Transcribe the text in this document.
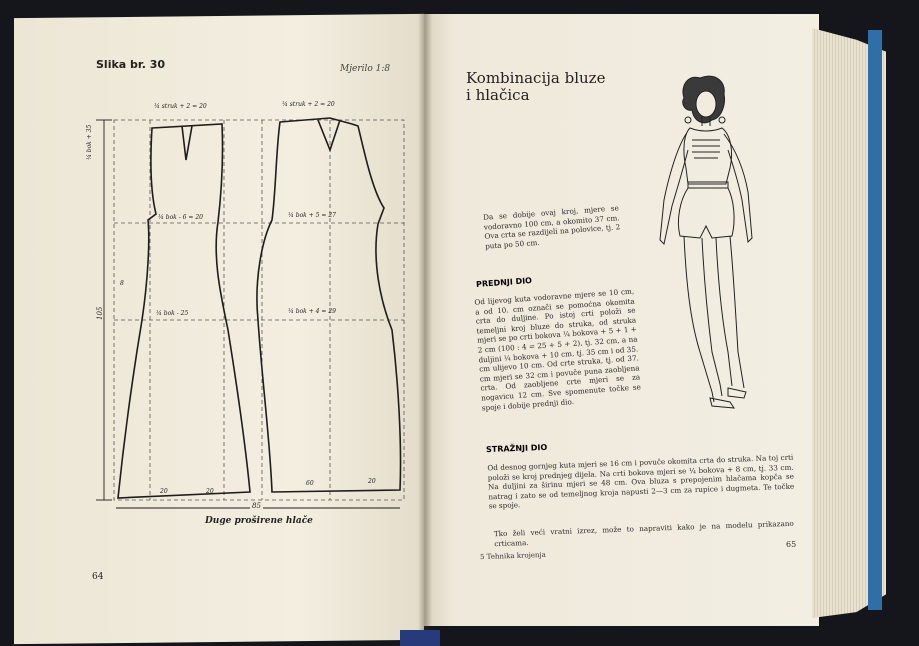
Slika br. 30	Mjerilo 1:8
¼ struk + 2 = 20	¼ struk + 2 = 20
¼ bok - 6 = 20	¼ bok + 5 = 27
¼ bok - 25	¼ bok + 4 = 29
20	20
60	20
85
¼ bok + 35
8
105
Duge proširene hlače
64
Kombinacija bluze
i hlačica
Da se dobije ovaj kroj, mjere se vodoravno 100 cm, a okomito 37 cm. Ova crta se razdijeli na polovice, tj. 2 puta po 50 cm.
PREDNJI DIO
Od lijevog kuta vodoravne mjere se 10 cm, a od 10. cm označi se pomoćna okomita crta do duljine. Po istoj crti položi se temeljni kroj bluze do struka, od struka mjeri se po crti bokova ¼ bokova + 5 + 1 + 2 cm (100 : 4 = 25 + 5 + 2), tj. 32 cm, a na duljini ¼ bokova + 10 cm, tj. 35 cm i od 35. cm ulijevo 10 cm. Od crte struka, tj. od 37. cm mjeri se 32 cm i povuče puna zaobljena crta. Od zaobljene crte mjeri se za nogavicu 12 cm. Sve spomenute točke se spoje i dobije prednji dio.
STRAŽNJI DIO
Od desnog gornjeg kuta mjeri se 16 cm i povuče okomita crta do struka. Na toj crti položi se kroj prednjeg dijela. Na crti bokova mjeri se ¼ bokova + 8 cm, tj. 33 cm. Na duljini za širinu mjeri se 48 cm. Ova bluza s prepojenim hlačama kopča se natrag i zato se od temeljnog kroja napusti 2—3 cm za rupice i dugmeta. Te točke se spoje.
Tko želi veći vratni izrez, može to napraviti kako je na modelu prikazano crticama.
5 Tehnika krojenja
65
